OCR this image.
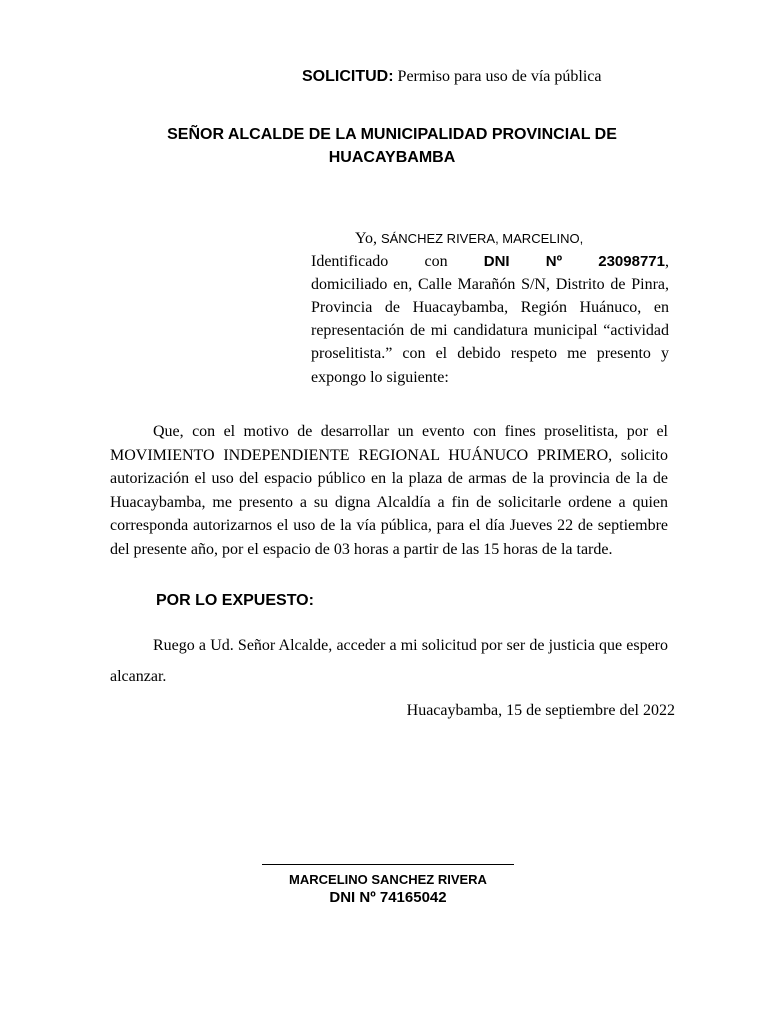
SOLICITUD: Permiso para uso de vía pública
SEÑOR ALCALDE DE LA MUNICIPALIDAD PROVINCIAL DE
HUACAYBAMBA
Yo, SÁNCHEZ RIVERA, MARCELINO,
Identificado con DNI Nº 23098771,
domiciliado en, Calle Marañón S/N, Distrito de Pinra, Provincia de Huacaybamba, Región Huánuco, en representación de mi candidatura municipal “actividad proselitista.” con el debido respeto me presento y expongo lo siguiente:

Que, con el motivo de desarrollar un evento con fines proselitista, por el MOVIMIENTO INDEPENDIENTE REGIONAL HUÁNUCO PRIMERO, solicito autorización el uso del espacio público en la plaza de armas de la provincia de la de Huacaybamba, me presento a su digna Alcaldía a fin de solicitarle ordene a quien corresponda autorizarnos el uso de la vía pública, para el día Jueves 22 de septiembre del presente año, por el espacio de 03 horas a partir de las 15 horas de la tarde.

POR LO EXPUESTO:

Ruego a Ud. Señor Alcalde, acceder a mi solicitud por ser de justicia que espero alcanzar.

Huacaybamba, 15 de septiembre del 2022
MARCELINO SANCHEZ RIVERA
DNI Nº 74165042
